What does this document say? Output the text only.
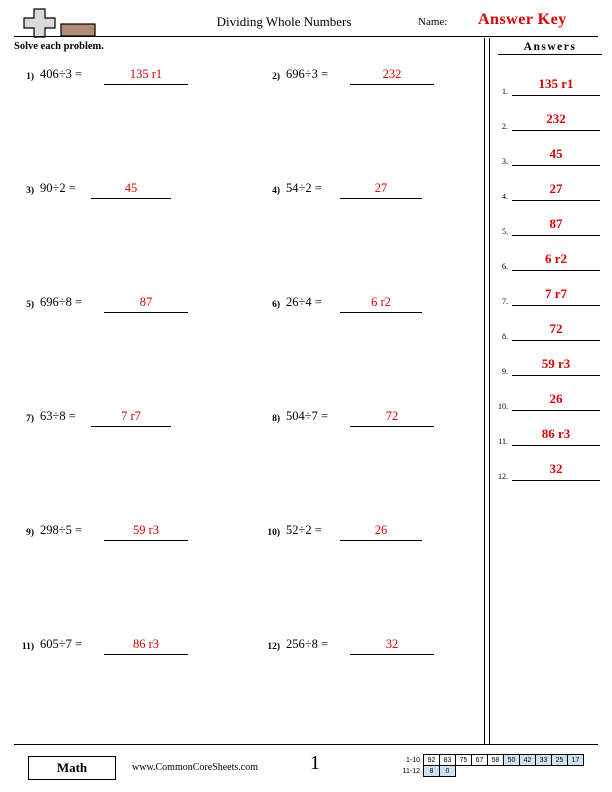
Dividing Whole Numbers	Name: Answer Key
Solve each problem.
1) 406÷3 =	135 r1	2) 696÷3 =	232
3) 90÷2 =	45	4) 54÷2 =	27
5) 696÷8 =	87	6) 26÷4 =	6 r2
7) 63÷8 =	7 r7	8) 504÷7 =	72
9) 298÷5 =	59 r3	10) 52÷2 =	26
11) 605÷7 =	86 r3	12) 256÷8 =	32
Answers
1.
135 r1
2.
232
3.
45
4.
27
5.
87
6.
6 r2
7.
7 r7
8.
72
9.
59 r3
10.
26
11.
86 r3
12.
32
Math	www.CommonCoreSheets.com	1	1-10	92	83	75	67	58	50	42	33	25	17
11-12	8	0								
